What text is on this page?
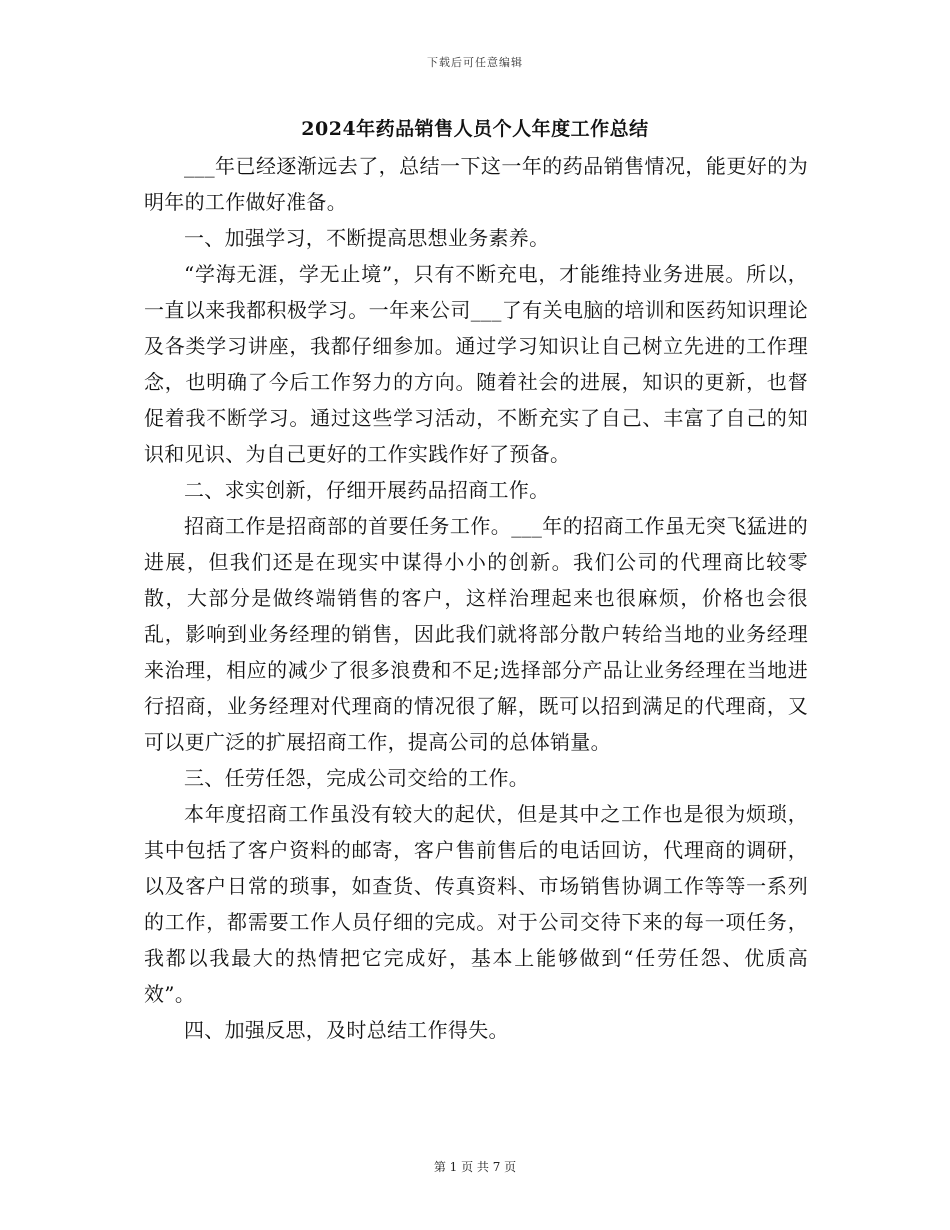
下载后可任意编辑
2024年药品销售人员个人年度工作总结

___年已经逐渐远去了，总结一下这一年的药品销售情况，能更好的为明年的工作做好准备。

一、加强学习，不断提高思想业务素养。

“学海无涯，学无止境”，只有不断充电，才能维持业务进展。所以，一直以来我都积极学习。一年来公司___了有关电脑的培训和医药知识理论及各类学习讲座，我都仔细参加。通过学习知识让自己树立先进的工作理念，也明确了今后工作努力的方向。随着社会的进展，知识的更新，也督促着我不断学习。通过这些学习活动，不断充实了自己、丰富了自己的知识和见识、为自己更好的工作实践作好了预备。

二、求实创新，仔细开展药品招商工作。

招商工作是招商部的首要任务工作。___年的招商工作虽无突飞猛进的进展，但我们还是在现实中谋得小小的创新。我们公司的代理商比较零散，大部分是做终端销售的客户，这样治理起来也很麻烦，价格也会很乱，影响到业务经理的销售，因此我们就将部分散户转给当地的业务经理来治理，相应的减少了很多浪费和不足;选择部分产品让业务经理在当地进行招商，业务经理对代理商的情况很了解，既可以招到满足的代理商，又可以更广泛的扩展招商工作，提高公司的总体销量。

三、任劳任怨，完成公司交给的工作。

本年度招商工作虽没有较大的起伏，但是其中之工作也是很为烦琐，其中包括了客户资料的邮寄，客户售前售后的电话回访，代理商的调研，以及客户日常的琐事，如查货、传真资料、市场销售协调工作等等一系列的工作，都需要工作人员仔细的完成。对于公司交待下来的每一项任务，我都以我最大的热情把它完成好，基本上能够做到“任劳任怨、优质高效”。

四、加强反思，及时总结工作得失。

第 1 页 共 7 页
